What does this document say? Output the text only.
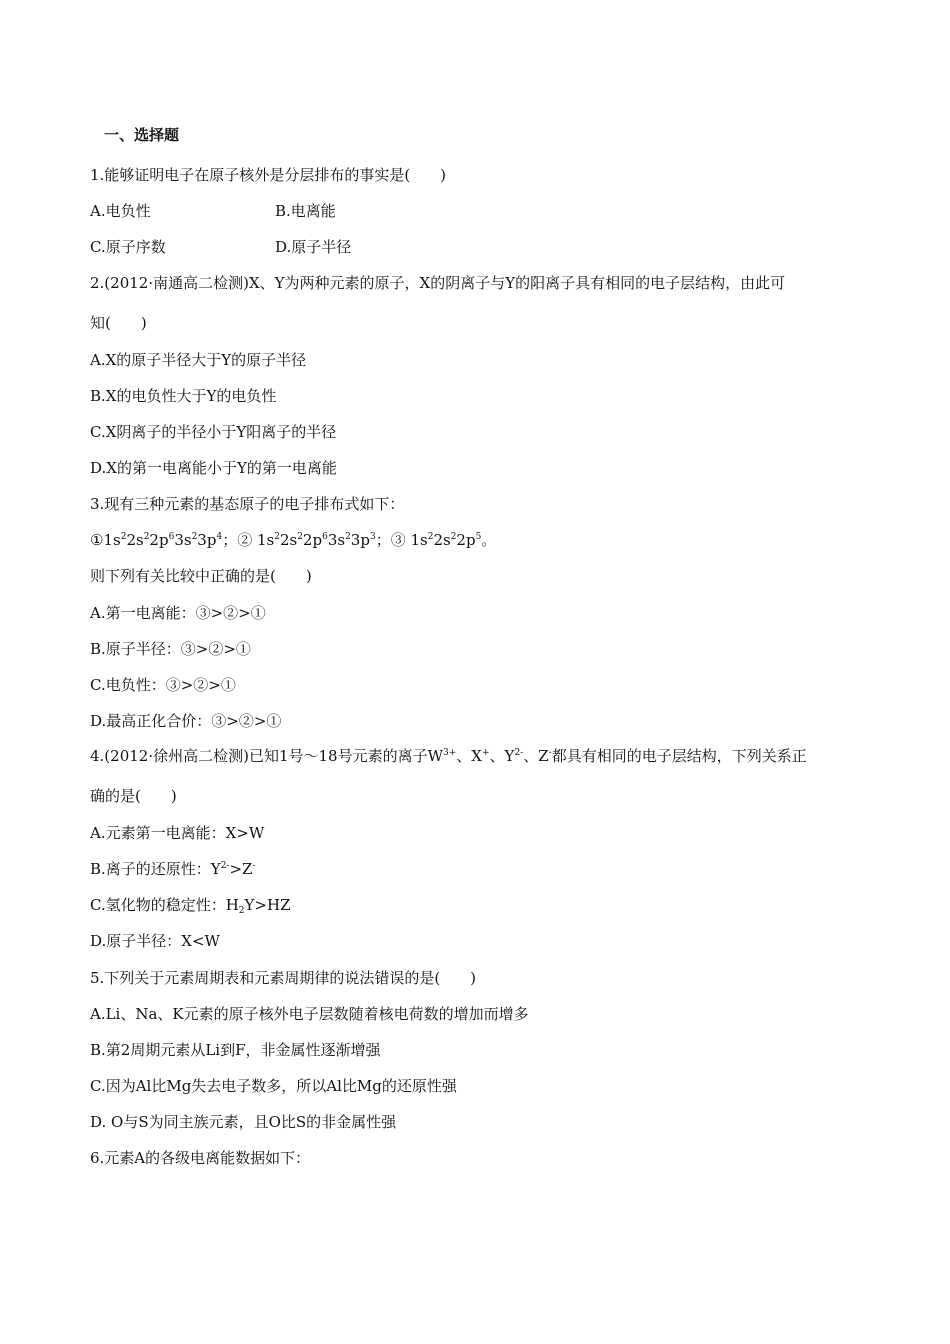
一、选择题
1.能够证明电子在原子核外是分层排布的事实是(　　)
A.电负性	B.电离能
C.原子序数	D.原子半径
2.(2012·南通高二检测)X、Y为两种元素的原子，X的阴离子与Y的阳离子具有相同的电子层结构，由此可
知(　　)
A.X的原子半径大于Y的原子半径
B.X的电负性大于Y的电负性
C.X阴离子的半径小于Y阳离子的半径
D.X的第一电离能小于Y的第一电离能
3.现有三种元素的基态原子的电子排布式如下：
$①1s^22s^22p^63s^23p^4$；② $1s^22s^22p^63s^23p^3$；③ $1s^22s^22p^5$。
则下列有关比较中正确的是(　　)
A.第一电离能：③>②>①
B.原子半径：③>②>①
C.电负性：③>②>①
D.最高正化合价：③>②>①
4.(2012·徐州高二检测)已知1号～18号元素的离子$W^{3+}$、X+、$Y^{2-}$、Z-都具有相同的电子层结构，下列关系正
确的是(　　)
A.元素第一电离能：X>W
B.离子的还原性：$Y^{2-}>Z^-$
C.氢化物的稳定性：$H_2Y>HZ$
D.原子半径：X<W
5.下列关于元素周期表和元素周期律的说法错误的是(　　)
A.Li、Na、K元素的原子核外电子层数随着核电荷数的增加而增多
B.第2周期元素从Li到F，非金属性逐渐增强
C.因为Al比Mg失去电子数多，所以Al比Mg的还原性强
D. O与S为同主族元素，且O比S的非金属性强
6.元素A的各级电离能数据如下：
